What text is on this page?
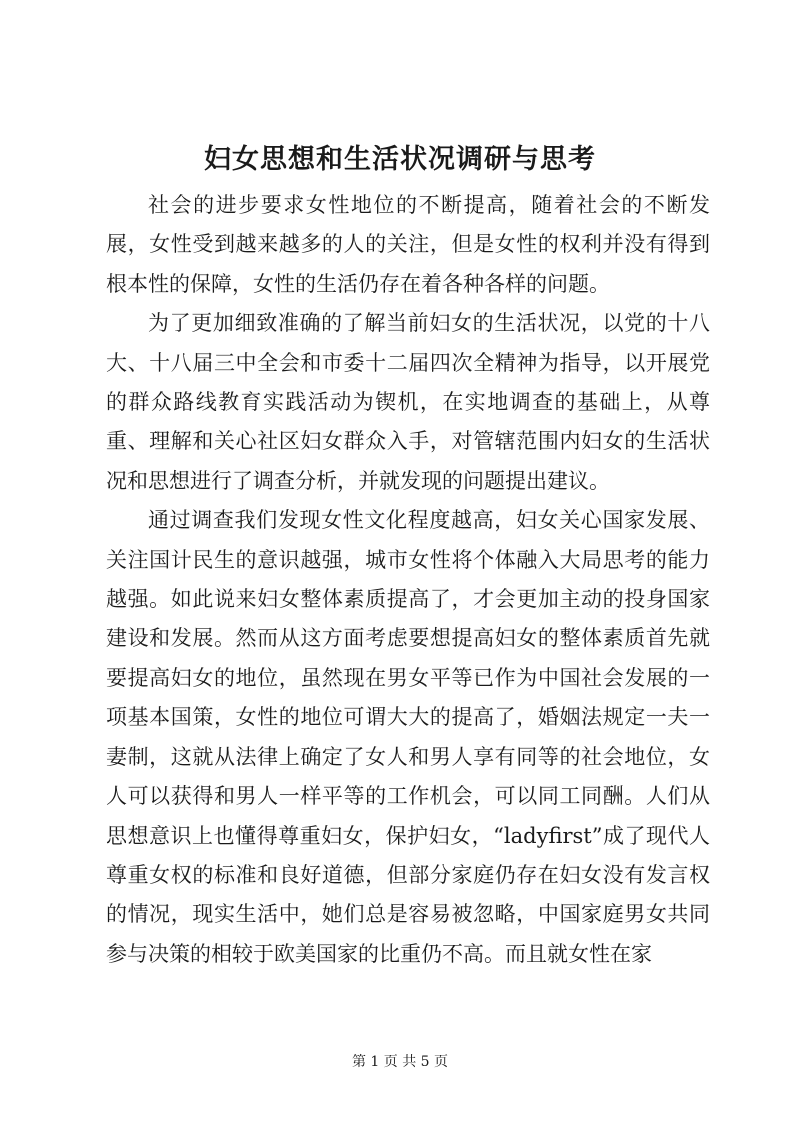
妇女思想和生活状况调研与思考

社会的进步要求女性地位的不断提高，随着社会的不断发展，女性受到越来越多的人的关注，但是女性的权利并没有得到根本性的保障，女性的生活仍存在着各种各样的问题。

为了更加细致准确的了解当前妇女的生活状况，以党的十八大、十八届三中全会和市委十二届四次全精神为指导，以开展党的群众路线教育实践活动为锲机，在实地调查的基础上，从尊重、理解和关心社区妇女群众入手，对管辖范围内妇女的生活状况和思想进行了调查分析，并就发现的问题提出建议。

通过调查我们发现女性文化程度越高，妇女关心国家发展、关注国计民生的意识越强，城市女性将个体融入大局思考的能力越强。如此说来妇女整体素质提高了，才会更加主动的投身国家建设和发展。然而从这方面考虑要想提高妇女的整体素质首先就要提高妇女的地位，虽然现在男女平等已作为中国社会发展的一项基本国策，女性的地位可谓大大的提高了，婚姻法规定一夫一妻制，这就从法律上确定了女人和男人享有同等的社会地位，女人可以获得和男人一样平等的工作机会，可以同工同酬。人们从思想意识上也懂得尊重妇女，保护妇女，“ladyfirst”成了现代人尊重女权的标准和良好道德，但部分家庭仍存在妇女没有发言权的情况，现实生活中，她们总是容易被忽略，中国家庭男女共同参与决策的相较于欧美国家的比重仍不高。而且就女性在家

第 1 页 共 5 页
